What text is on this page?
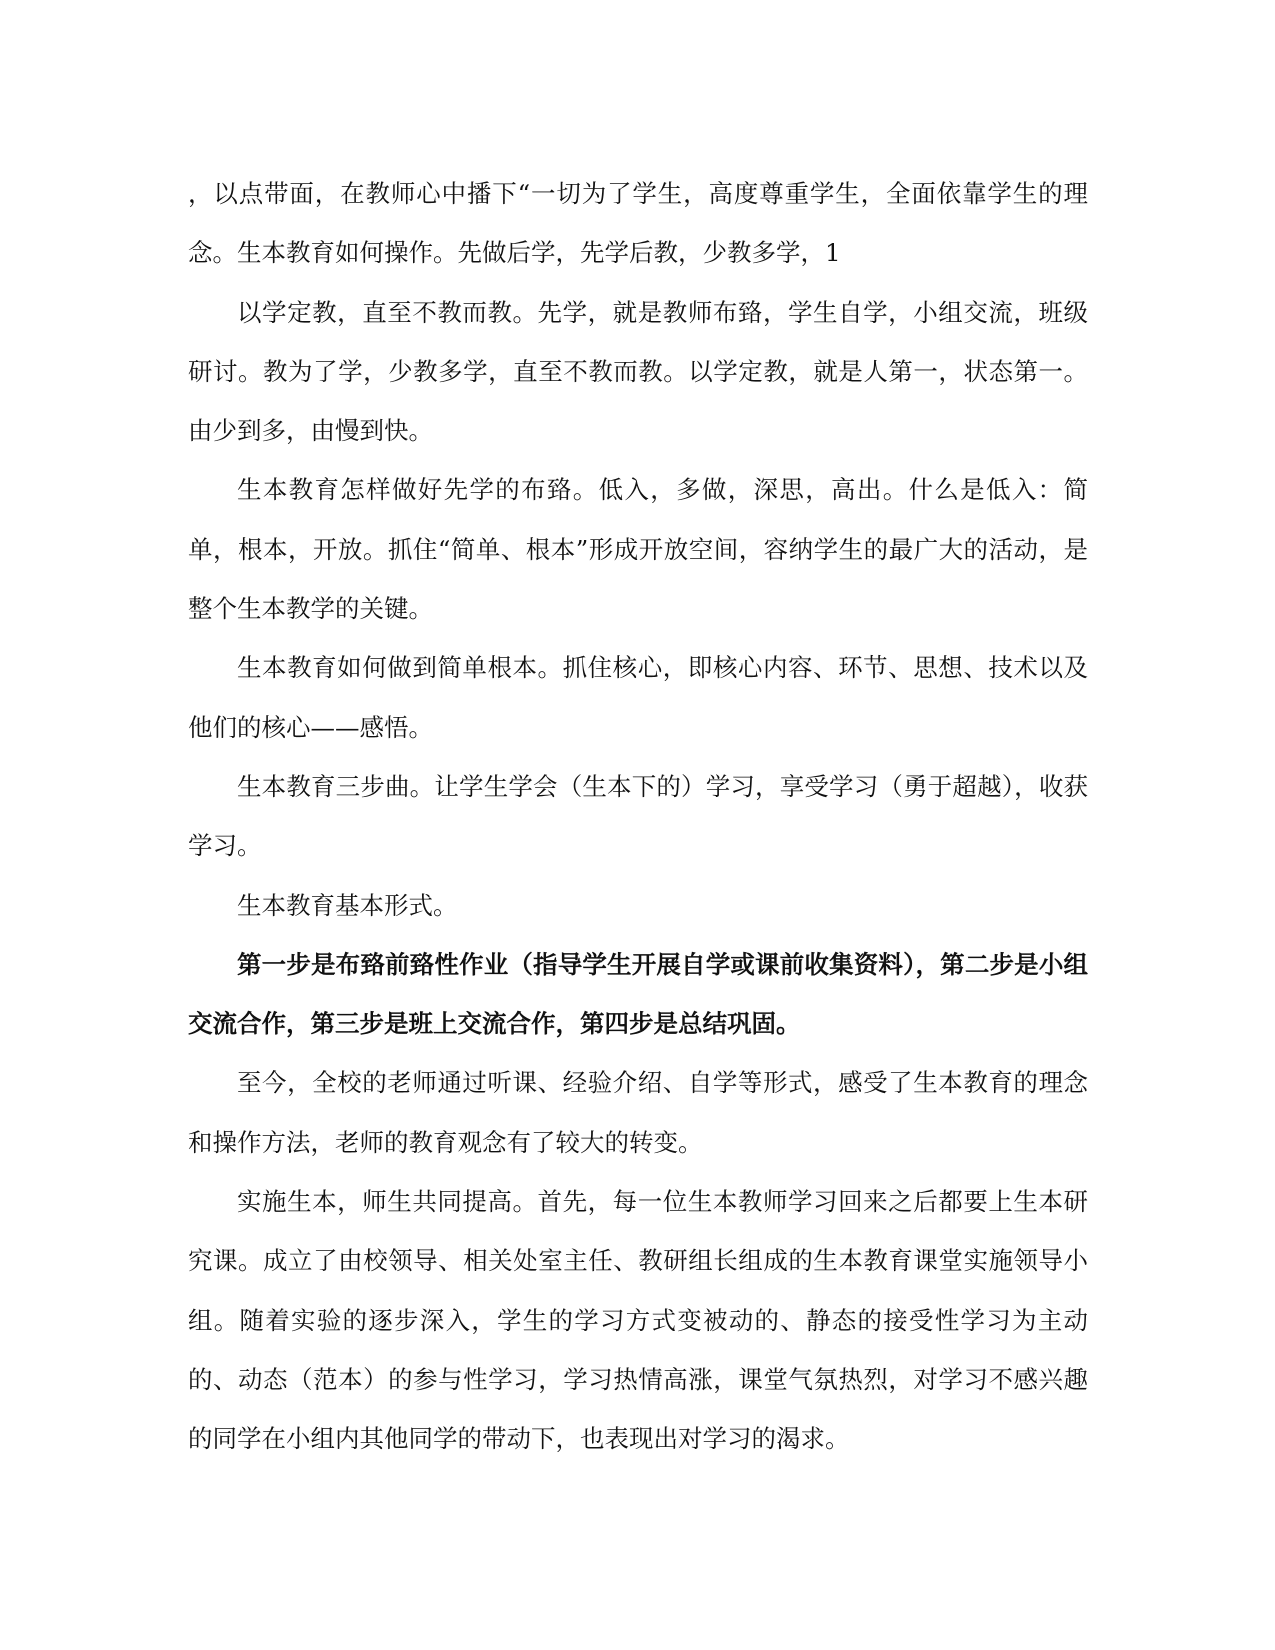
，以点带面，在教师心中播下“一切为了学生，高度尊重学生，全面依靠学生的理念。生本教育如何操作。先做后学，先学后教，少教多学，1

以学定教，直至不教而教。先学，就是教师布臵，学生自学，小组交流，班级研讨。教为了学，少教多学，直至不教而教。以学定教，就是人第一，状态第一。由少到多，由慢到快。

生本教育怎样做好先学的布臵。低入，多做，深思，高出。什么是低入：简单，根本，开放。抓住“简单、根本”形成开放空间，容纳学生的最广大的活动，是整个生本教学的关键。

生本教育如何做到简单根本。抓住核心，即核心内容、环节、思想、技术以及他们的核心——感悟。

生本教育三步曲。让学生学会（生本下的）学习，享受学习（勇于超越），收获学习。

生本教育基本形式。

第一步是布臵前臵性作业（指导学生开展自学或课前收集资料），第二步是小组交流合作，第三步是班上交流合作，第四步是总结巩固。

至今，全校的老师通过听课、经验介绍、自学等形式，感受了生本教育的理念和操作方法，老师的教育观念有了较大的转变。

实施生本，师生共同提高。首先，每一位生本教师学习回来之后都要上生本研究课。成立了由校领导、相关处室主任、教研组长组成的生本教育课堂实施领导小组。随着实验的逐步深入，学生的学习方式变被动的、静态的接受性学习为主动的、动态（范本）的参与性学习，学习热情高涨，课堂气氛热烈，对学习不感兴趣的同学在小组内其他同学的带动下，也表现出对学习的渴求。
